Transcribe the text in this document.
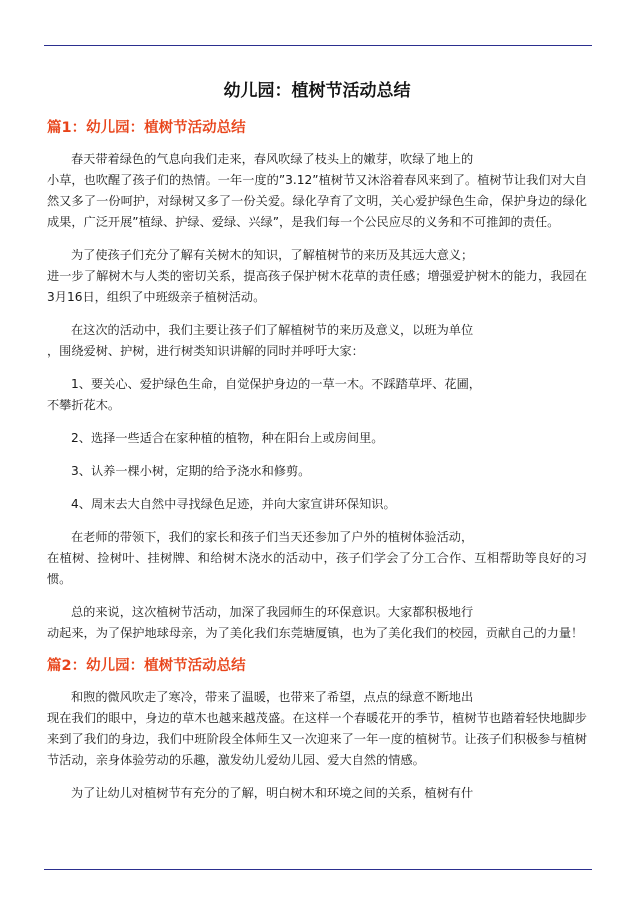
幼儿园：植树节活动总结
篇1：幼儿园：植树节活动总结
春天带着绿色的气息向我们走来，春风吹绿了枝头上的嫩芽，吹绿了地上的
小草，也吹醒了孩子们的热情。一年一度的”3.12”植树节又沐浴着春风来到了。植树节让我们对大自然又多了一份呵护，对绿树又多了一份关爱。绿化孕育了文明，关心爱护绿色生命，保护身边的绿化成果，广泛开展”植绿、护绿、爱绿、兴绿”，是我们每一个公民应尽的义务和不可推卸的责任。
为了使孩子们充分了解有关树木的知识，了解植树节的来历及其远大意义；
进一步了解树木与人类的密切关系，提高孩子保护树木花草的责任感；增强爱护树木的能力，我园在3月16日，组织了中班级亲子植树活动。
在这次的活动中，我们主要让孩子们了解植树节的来历及意义，以班为单位
，围绕爱树、护树，进行树类知识讲解的同时并呼吁大家：
1、要关心、爱护绿色生命，自觉保护身边的一草一木。不踩踏草坪、花圃，
不攀折花木。
2、选择一些适合在家种植的植物，种在阳台上或房间里。
3、认养一棵小树，定期的给予浇水和修剪。
4、周末去大自然中寻找绿色足迹，并向大家宣讲环保知识。
在老师的带领下，我们的家长和孩子们当天还参加了户外的植树体验活动，
在植树、捡树叶、挂树牌、和给树木浇水的活动中，孩子们学会了分工合作、互相帮助等良好的习惯。
总的来说，这次植树节活动，加深了我园师生的环保意识。大家都积极地行
动起来，为了保护地球母亲，为了美化我们东莞塘厦镇，也为了美化我们的校园，贡献自己的力量！
篇2：幼儿园：植树节活动总结
和煦的微风吹走了寒冷，带来了温暖，也带来了希望，点点的绿意不断地出
现在我们的眼中，身边的草木也越来越茂盛。在这样一个春暖花开的季节，植树节也踏着轻快地脚步来到了我们的身边，我们中班阶段全体师生又一次迎来了一年一度的植树节。让孩子们积极参与植树节活动，亲身体验劳动的乐趣，激发幼儿爱幼儿园、爱大自然的情感。
为了让幼儿对植树节有充分的了解，明白树木和环境之间的关系，植树有什
